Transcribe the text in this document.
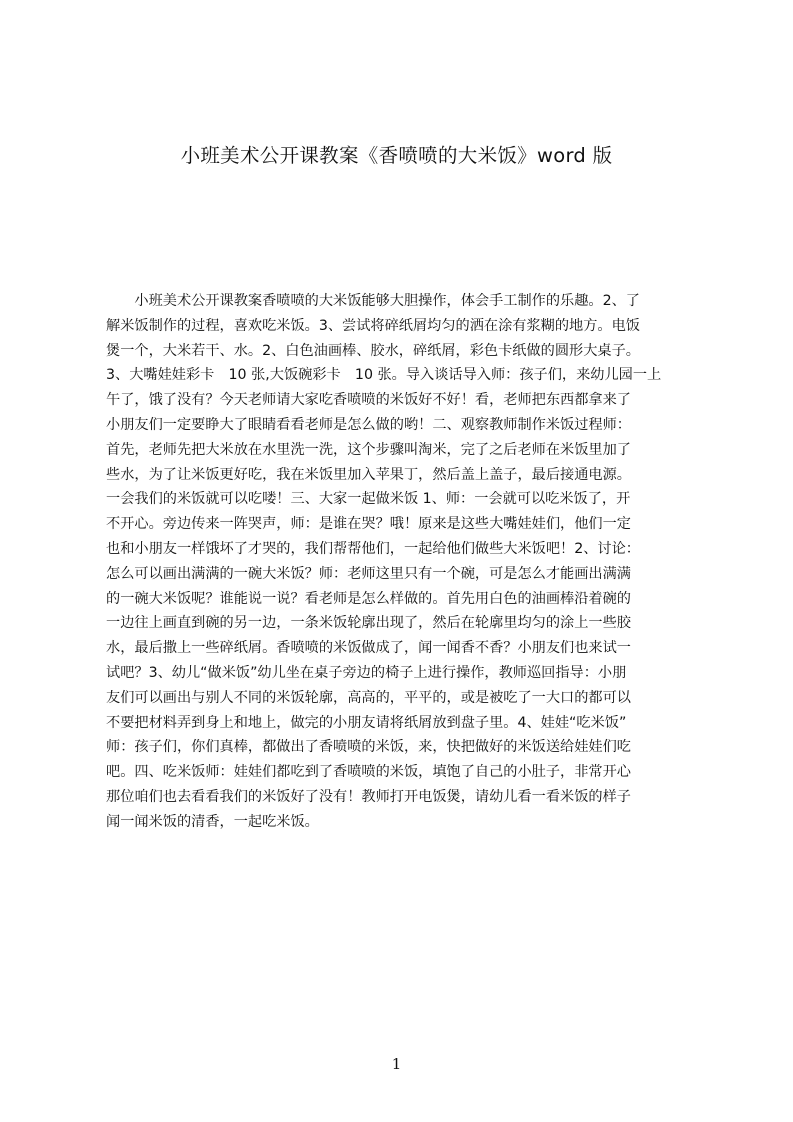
小班美术公开课教案《香喷喷的大米饭》word 版
　　小班美术公开课教案香喷喷的大米饭能够大胆操作，体会手工制作的乐趣。2、了
解米饭制作的过程，喜欢吃米饭。3、尝试将碎纸屑均匀的洒在涂有浆糊的地方。电饭
煲一个，大米若干、水。2、白色油画棒、胶水，碎纸屑，彩色卡纸做的圆形大桌子。
3、大嘴娃娃彩卡　10 张,大饭碗彩卡　10 张。导入谈话导入师：孩子们，来幼儿园一上
午了，饿了没有？今天老师请大家吃香喷喷的米饭好不好！看，老师把东西都拿来了
小朋友们一定要睁大了眼睛看看老师是怎么做的哟！二、观察教师制作米饭过程师：
首先，老师先把大米放在水里洗一洗，这个步骤叫淘米，完了之后老师在米饭里加了
些水，为了让米饭更好吃，我在米饭里加入苹果丁，然后盖上盖子，最后接通电源。
一会我们的米饭就可以吃喽！三、大家一起做米饭 1、师：一会就可以吃米饭了，开
不开心。旁边传来一阵哭声，师：是谁在哭？哦！原来是这些大嘴娃娃们，他们一定
也和小朋友一样饿坏了才哭的，我们帮帮他们，一起给他们做些大米饭吧！2、讨论：
怎么可以画出满满的一碗大米饭？师：老师这里只有一个碗，可是怎么才能画出满满
的一碗大米饭呢？谁能说一说？看老师是怎么样做的。首先用白色的油画棒沿着碗的
一边往上画直到碗的另一边，一条米饭轮廓出现了，然后在轮廓里均匀的涂上一些胶
水，最后撒上一些碎纸屑。香喷喷的米饭做成了，闻一闻香不香？小朋友们也来试一
试吧？3、幼儿“做米饭”幼儿坐在桌子旁边的椅子上进行操作，教师巡回指导：小朋
友们可以画出与别人不同的米饭轮廓，高高的，平平的，或是被吃了一大口的都可以
不要把材料弄到身上和地上，做完的小朋友请将纸屑放到盘子里。4、娃娃“吃米饭”
师：孩子们，你们真棒，都做出了香喷喷的米饭，来，快把做好的米饭送给娃娃们吃
吧。四、吃米饭师：娃娃们都吃到了香喷喷的米饭，填饱了自己的小肚子，非常开心
那位咱们也去看看我们的米饭好了没有！教师打开电饭煲，请幼儿看一看米饭的样子
闻一闻米饭的清香，一起吃米饭。
1
